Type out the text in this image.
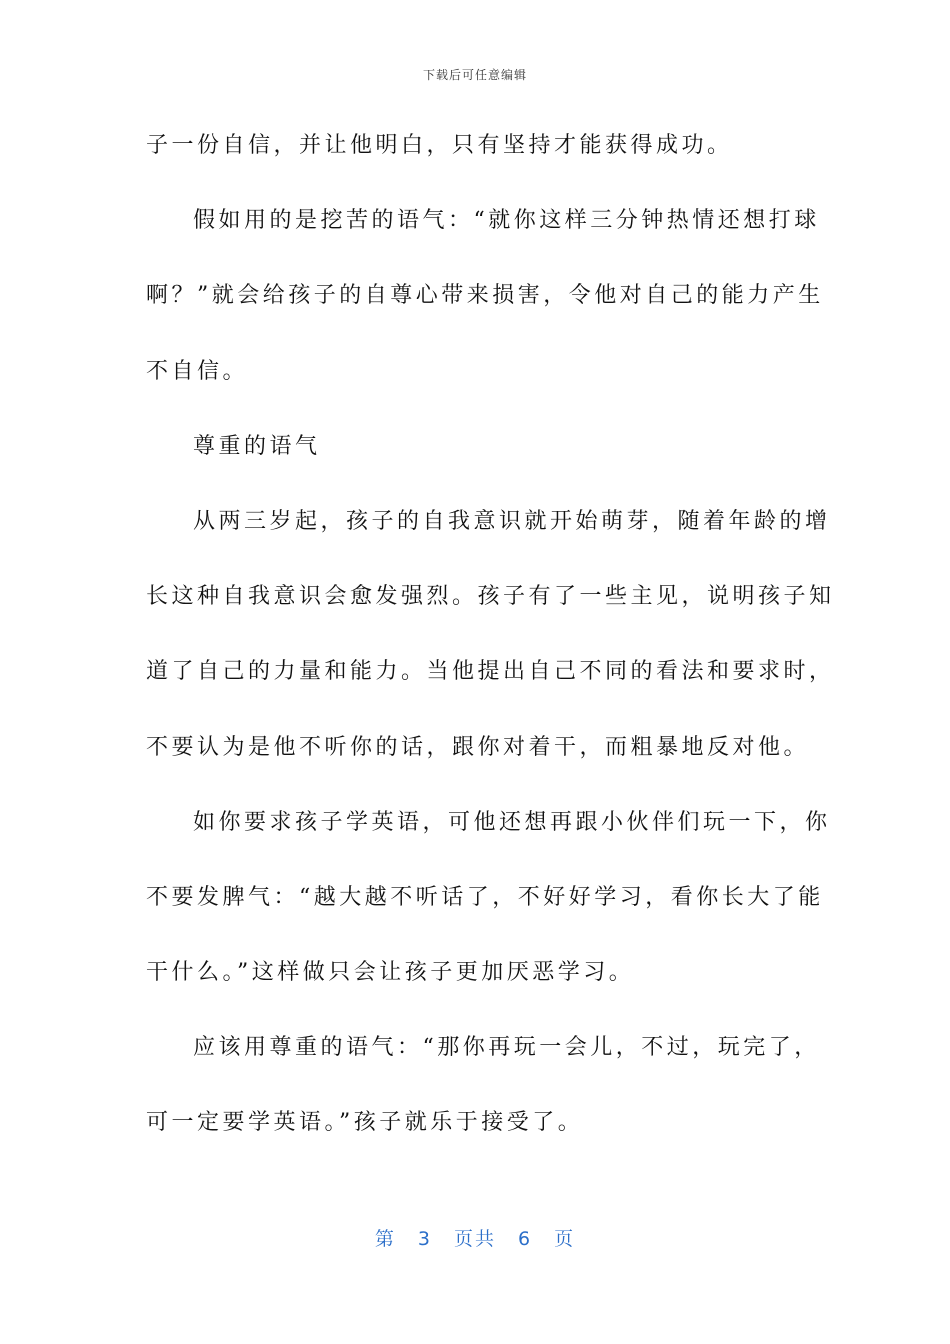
下载后可任意编辑
子一份自信，并让他明白，只有坚持才能获得成功。
假如用的是挖苦的语气：“就你这样三分钟热情还想打球
啊？”就会给孩子的自尊心带来损害，令他对自己的能力产生
不自信。
尊重的语气
从两三岁起，孩子的自我意识就开始萌芽，随着年龄的增
长这种自我意识会愈发强烈。孩子有了一些主见，说明孩子知
道了自己的力量和能力。当他提出自己不同的看法和要求时，
不要认为是他不听你的话，跟你对着干，而粗暴地反对他。
如你要求孩子学英语，可他还想再跟小伙伴们玩一下，你
不要发脾气：“越大越不听话了，不好好学习，看你长大了能
干什么。”这样做只会让孩子更加厌恶学习。
应该用尊重的语气：“那你再玩一会儿，不过，玩完了，
可一定要学英语。”孩子就乐于接受了。
第 3 页共 6 页
